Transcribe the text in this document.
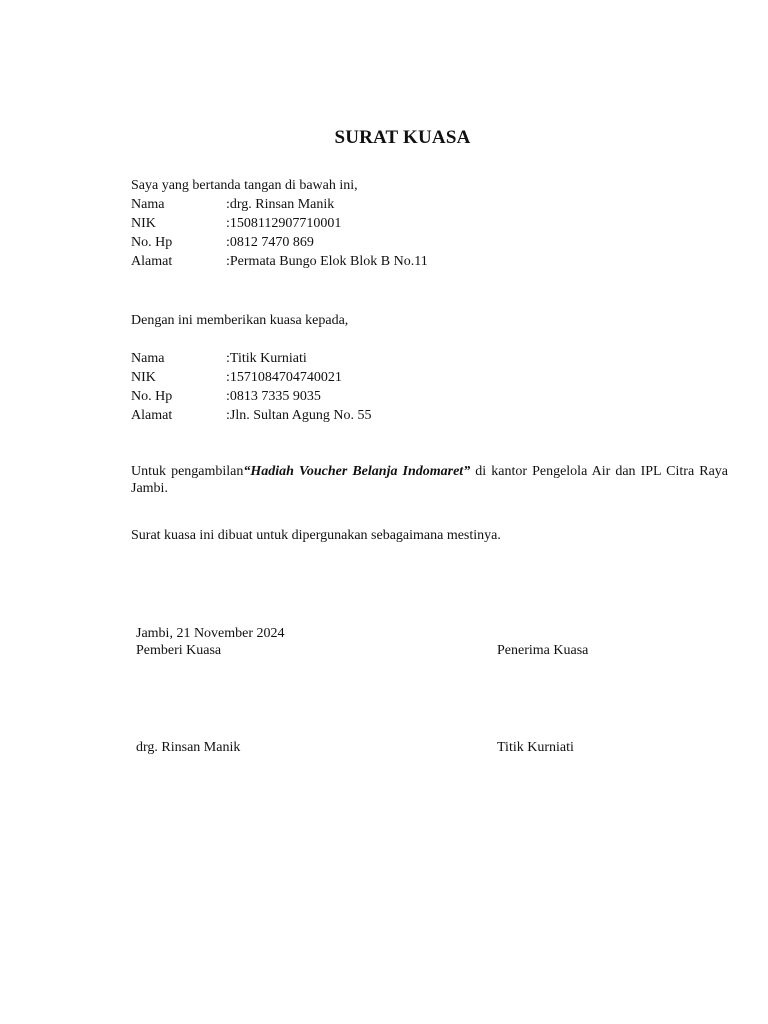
SURAT KUASA
Saya yang bertanda tangan di bawah ini,
Nama	:drg. Rinsan Manik
NIK	:1508112907710001
No. Hp	:0812 7470 869
Alamat	:Permata Bungo Elok Blok B No.11
Dengan ini memberikan kuasa kepada,
Nama	:Titik Kurniati
NIK	:1571084704740021
No. Hp	:0813 7335 9035
Alamat	:Jln. Sultan Agung No. 55
Untuk pengambilan“Hadiah Voucher Belanja Indomaret” di kantor Pengelola Air dan IPL Citra Raya Jambi.
Surat kuasa ini dibuat untuk dipergunakan sebagaimana mestinya.
Jambi, 21 November 2024
Pemberi Kuasa	Penerima Kuasa
drg. Rinsan Manik	Titik Kurniati
